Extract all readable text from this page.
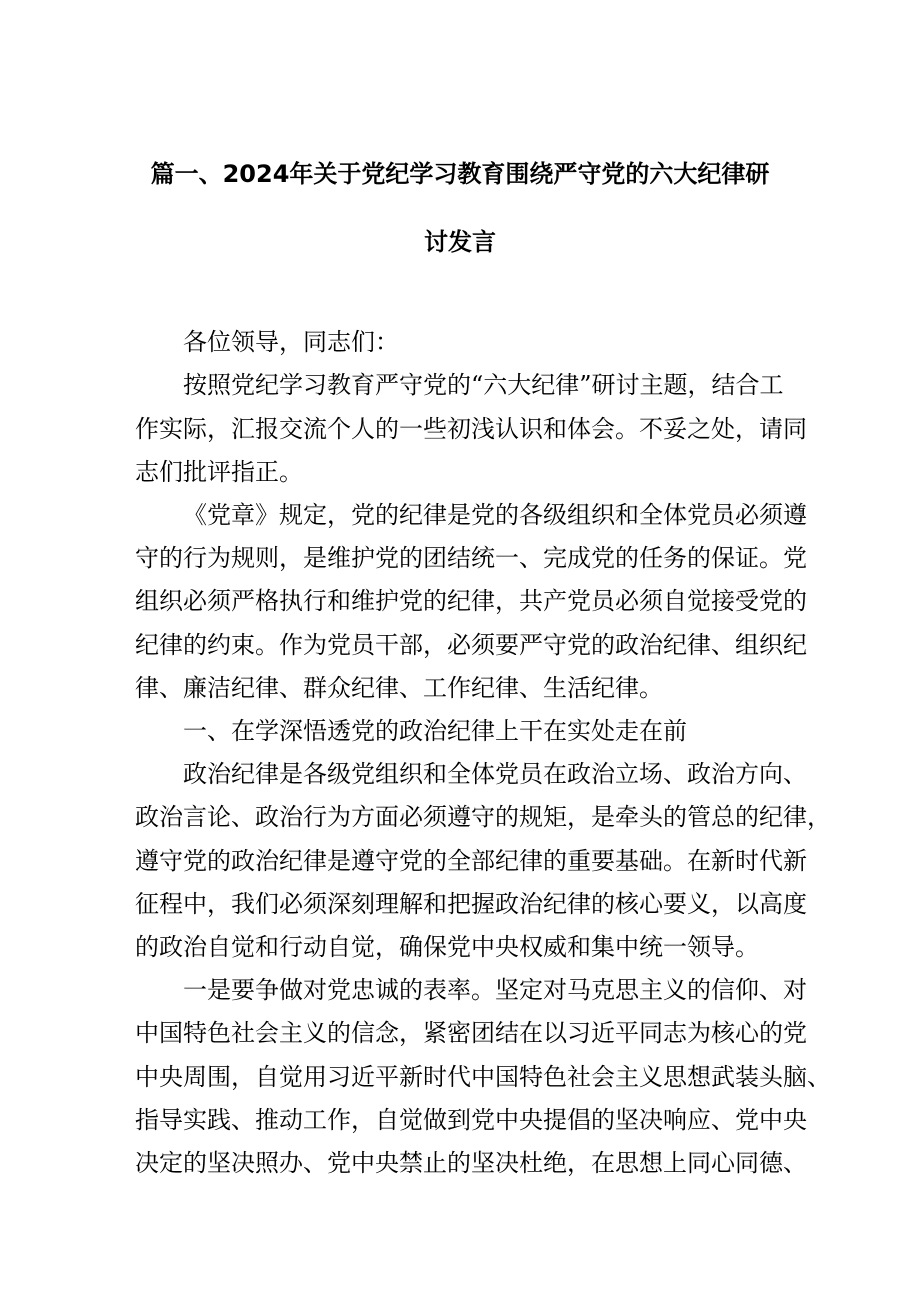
篇一、2024年关于党纪学习教育围绕严守党的六大纪律研
讨发言
各位领导，同志们：
按照党纪学习教育严守党的“六大纪律”研讨主题，结合工
作实际，汇报交流个人的一些初浅认识和体会。不妥之处，请同
志们批评指正。
《党章》规定，党的纪律是党的各级组织和全体党员必须遵
守的行为规则，是维护党的团结统一、完成党的任务的保证。党
组织必须严格执行和维护党的纪律，共产党员必须自觉接受党的
纪律的约束。作为党员干部，必须要严守党的政治纪律、组织纪
律、廉洁纪律、群众纪律、工作纪律、生活纪律。
一、在学深悟透党的政治纪律上干在实处走在前
政治纪律是各级党组织和全体党员在政治立场、政治方向、
政治言论、政治行为方面必须遵守的规矩，是牵头的管总的纪律，
遵守党的政治纪律是遵守党的全部纪律的重要基础。在新时代新
征程中，我们必须深刻理解和把握政治纪律的核心要义，以高度
的政治自觉和行动自觉，确保党中央权威和集中统一领导。
一是要争做对党忠诚的表率。坚定对马克思主义的信仰、对
中国特色社会主义的信念，紧密团结在以习近平同志为核心的党
中央周围，自觉用习近平新时代中国特色社会主义思想武装头脑、
指导实践、推动工作，自觉做到党中央提倡的坚决响应、党中央
决定的坚决照办、党中央禁止的坚决杜绝，在思想上同心同德、
